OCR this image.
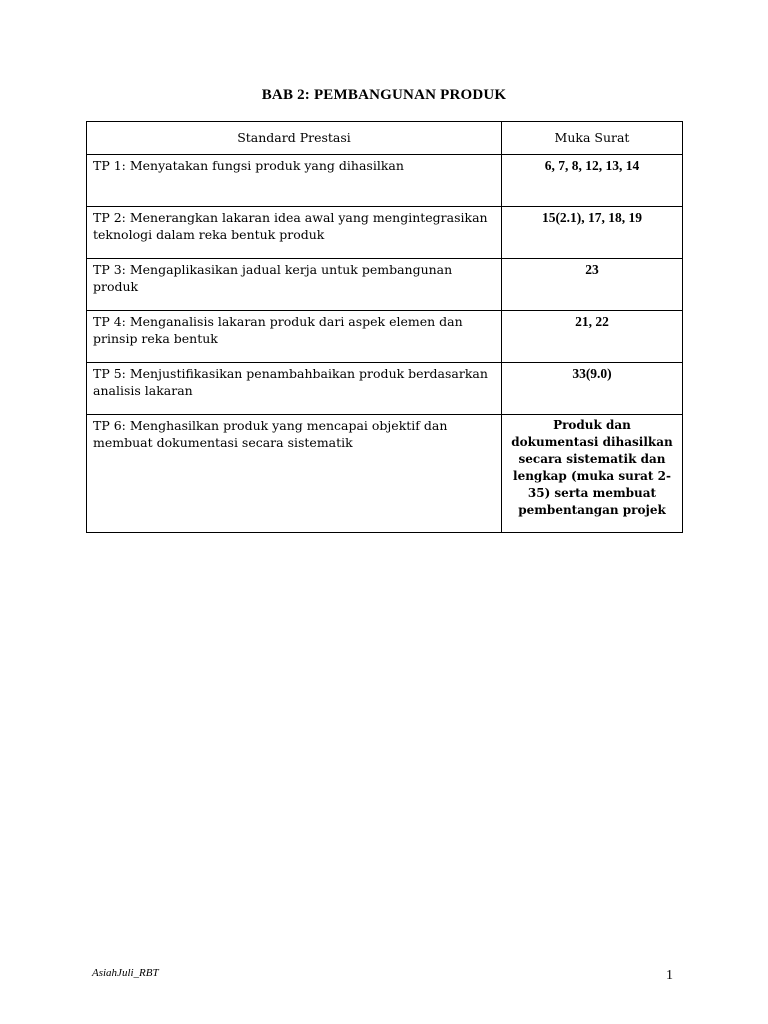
BAB 2: PEMBANGUNAN PRODUK
Standard Prestasi	Muka Surat
TP 1: Menyatakan fungsi produk yang dihasilkan	6, 7, 8, 12, 13, 14
TP 2: Menerangkan lakaran idea awal yang mengintegrasikan teknologi dalam reka bentuk produk	15(2.1), 17, 18, 19
TP 3: Mengaplikasikan jadual kerja untuk pembangunan produk	23
TP 4: Menganalisis lakaran produk dari aspek elemen dan prinsip reka bentuk	21, 22
TP 5: Menjustifikasikan penambahbaikan produk berdasarkan analisis lakaran	33(9.0)
TP 6: Menghasilkan produk yang mencapai objektif dan membuat dokumentasi secara sistematik	Produk dan dokumentasi dihasilkan secara sistematik dan lengkap (muka surat 2-35) serta membuat pembentangan projek
AsiahJuli_RBT	1
